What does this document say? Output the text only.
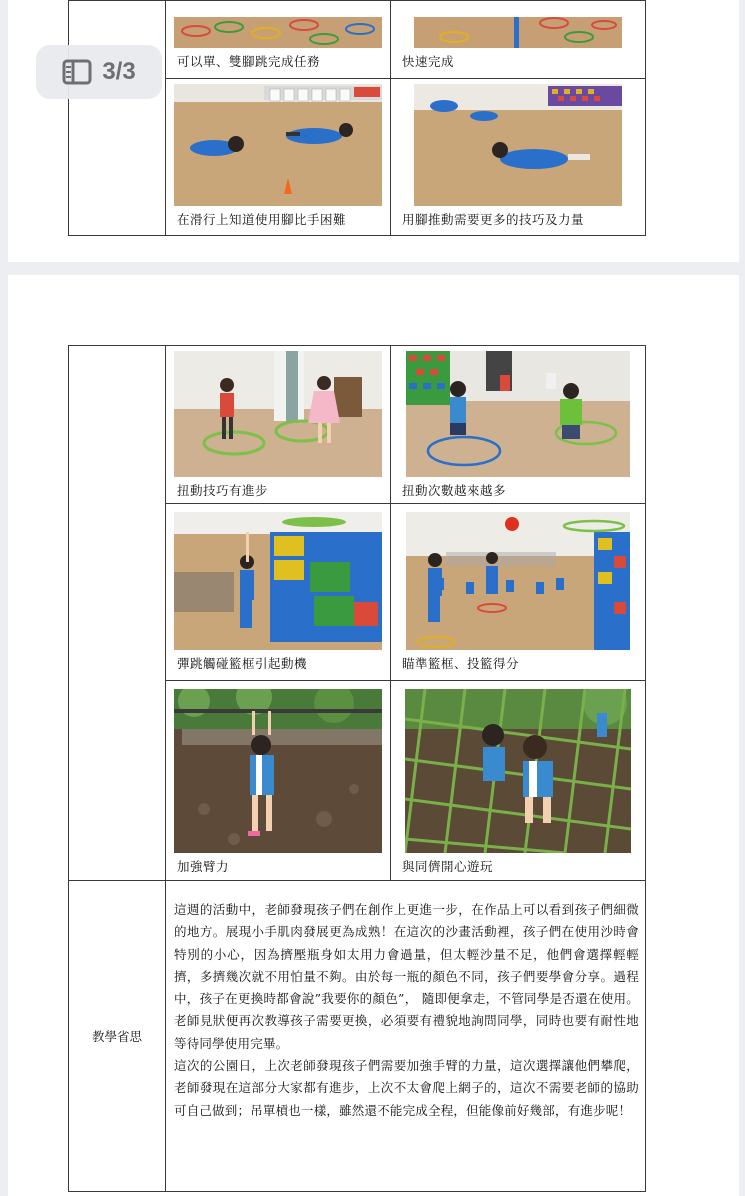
	可以單、雙腳跳完成任務	快速完成

	在滑行上知道使用腳比手困難	用腳推動需要更多的技巧及力量

	扭動技巧有進步	扭動次數越來越多

	彈跳觸碰籃框引起動機	瞄準籃框、投籃得分

	加強臂力	與同儕開心遊玩

教學省思	這週的活動中，老師發現孩子們在創作上更進一步，在作品上可以看到孩子們細微的地方。展現小手肌肉發展更為成熟！在這次的沙畫活動裡，孩子們在使用沙時會特別的小心，因為擠壓瓶身如太用力會過量，但太輕沙量不足，他們會選擇輕輕擠，多擠幾次就不用怕量不夠。由於每一瓶的顏色不同，孩子們要學會分享。過程中，孩子在更換時都會說”我要你的顏色”， 隨即便拿走，不管同學是否還在使用。老師見狀便再次教導孩子需要更換，必須要有禮貌地詢問同學，同時也要有耐性地等待同學使用完畢。

這次的公園日，上次老師發現孩子們需要加強手臂的力量，這次選擇讓他們攀爬，老師發現在這部分大家都有進步，上次不太會爬上網子的，這次不需要老師的協助可自己做到；吊單槓也一樣，雖然還不能完成全程，但能像前好幾部，有進步呢！	

3/3
